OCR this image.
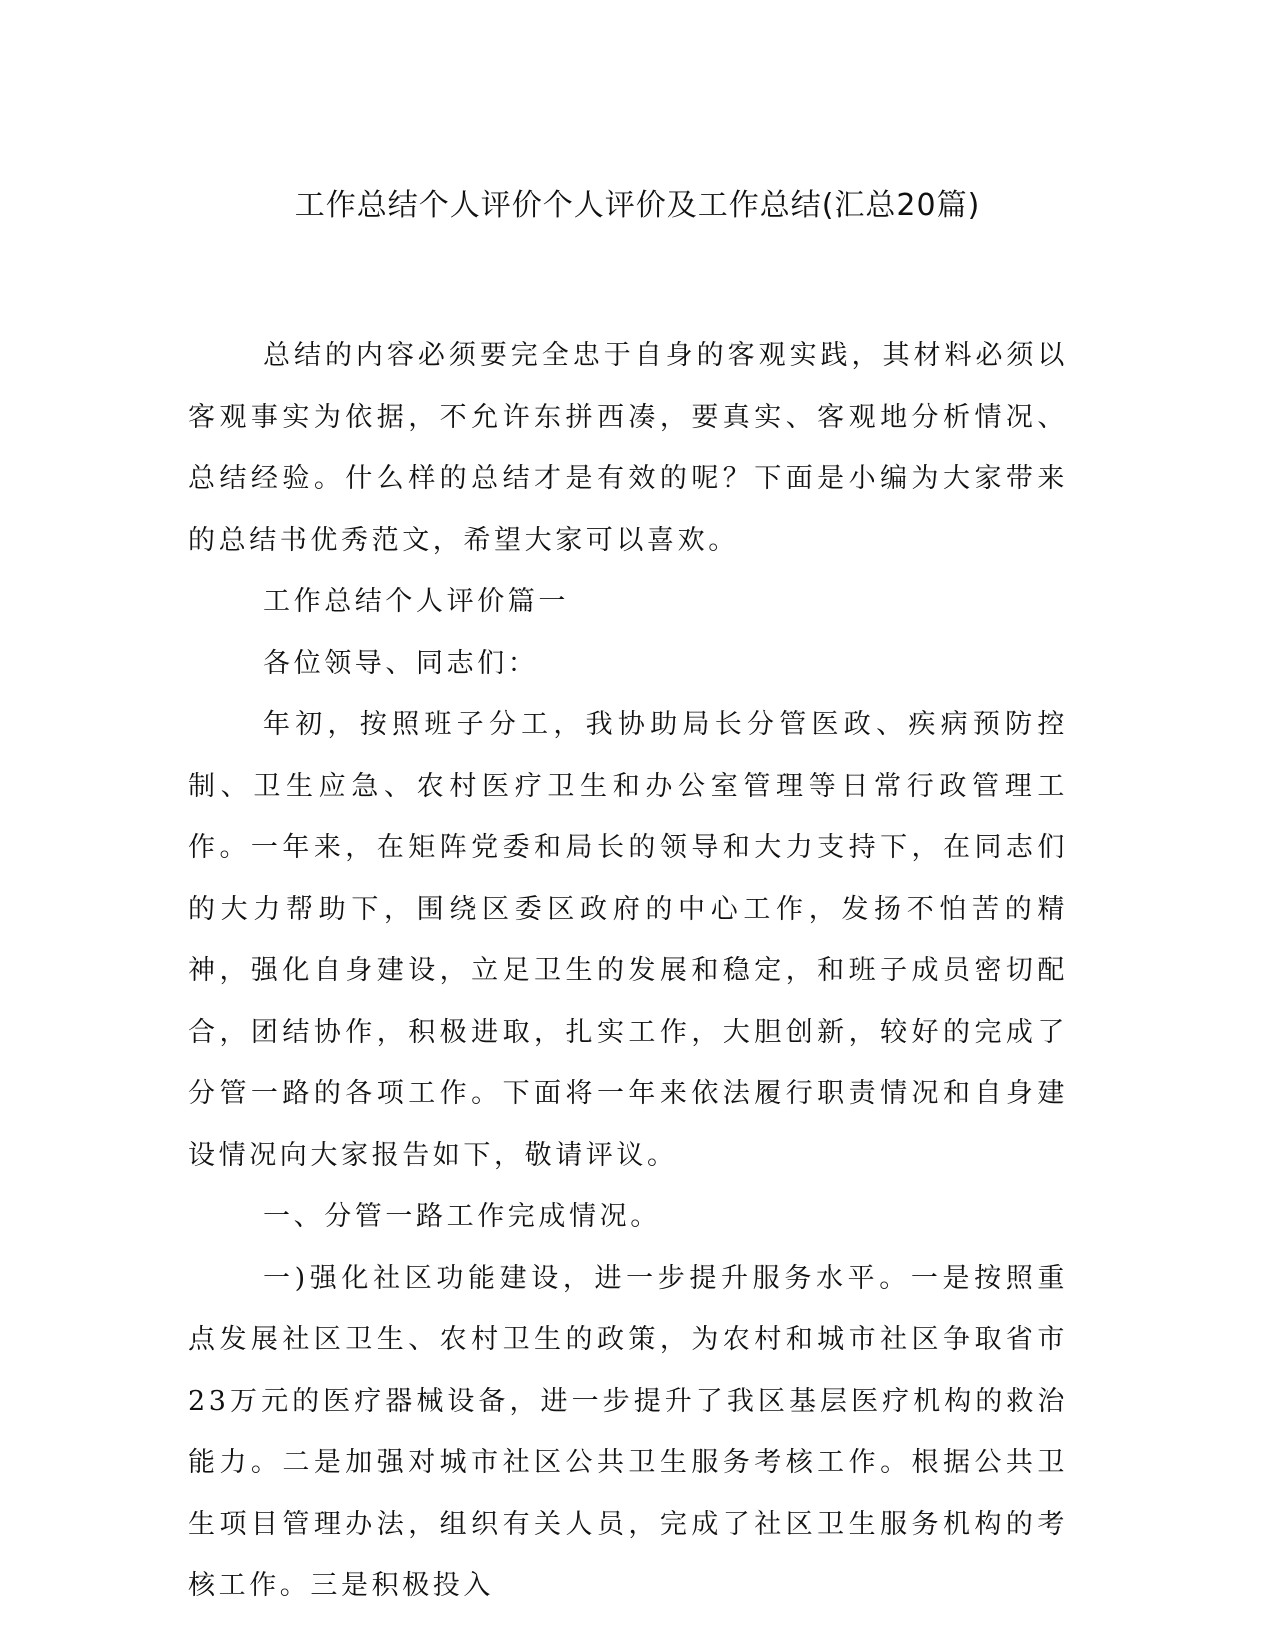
工作总结个人评价个人评价及工作总结(汇总20篇)

总结的内容必须要完全忠于自身的客观实践，其材料必须以客观事实为依据，不允许东拼西凑，要真实、客观地分析情况、总结经验。什么样的总结才是有效的呢？下面是小编为大家带来的总结书优秀范文，希望大家可以喜欢。

工作总结个人评价篇一

各位领导、同志们：

年初，按照班子分工，我协助局长分管医政、疾病预防控制、卫生应急、农村医疗卫生和办公室管理等日常行政管理工作。一年来，在矩阵党委和局长的领导和大力支持下，在同志们的大力帮助下，围绕区委区政府的中心工作，发扬不怕苦的精神，强化自身建设，立足卫生的发展和稳定，和班子成员密切配合，团结协作，积极进取，扎实工作，大胆创新，较好的完成了分管一路的各项工作。下面将一年来依法履行职责情况和自身建设情况向大家报告如下，敬请评议。

一、分管一路工作完成情况。

一)强化社区功能建设，进一步提升服务水平。一是按照重点发展社区卫生、农村卫生的政策，为农村和城市社区争取省市23万元的医疗器械设备，进一步提升了我区基层医疗机构的救治能力。二是加强对城市社区公共卫生服务考核工作。根据公共卫生项目管理办法，组织有关人员，完成了社区卫生服务机构的考核工作。三是积极投入
